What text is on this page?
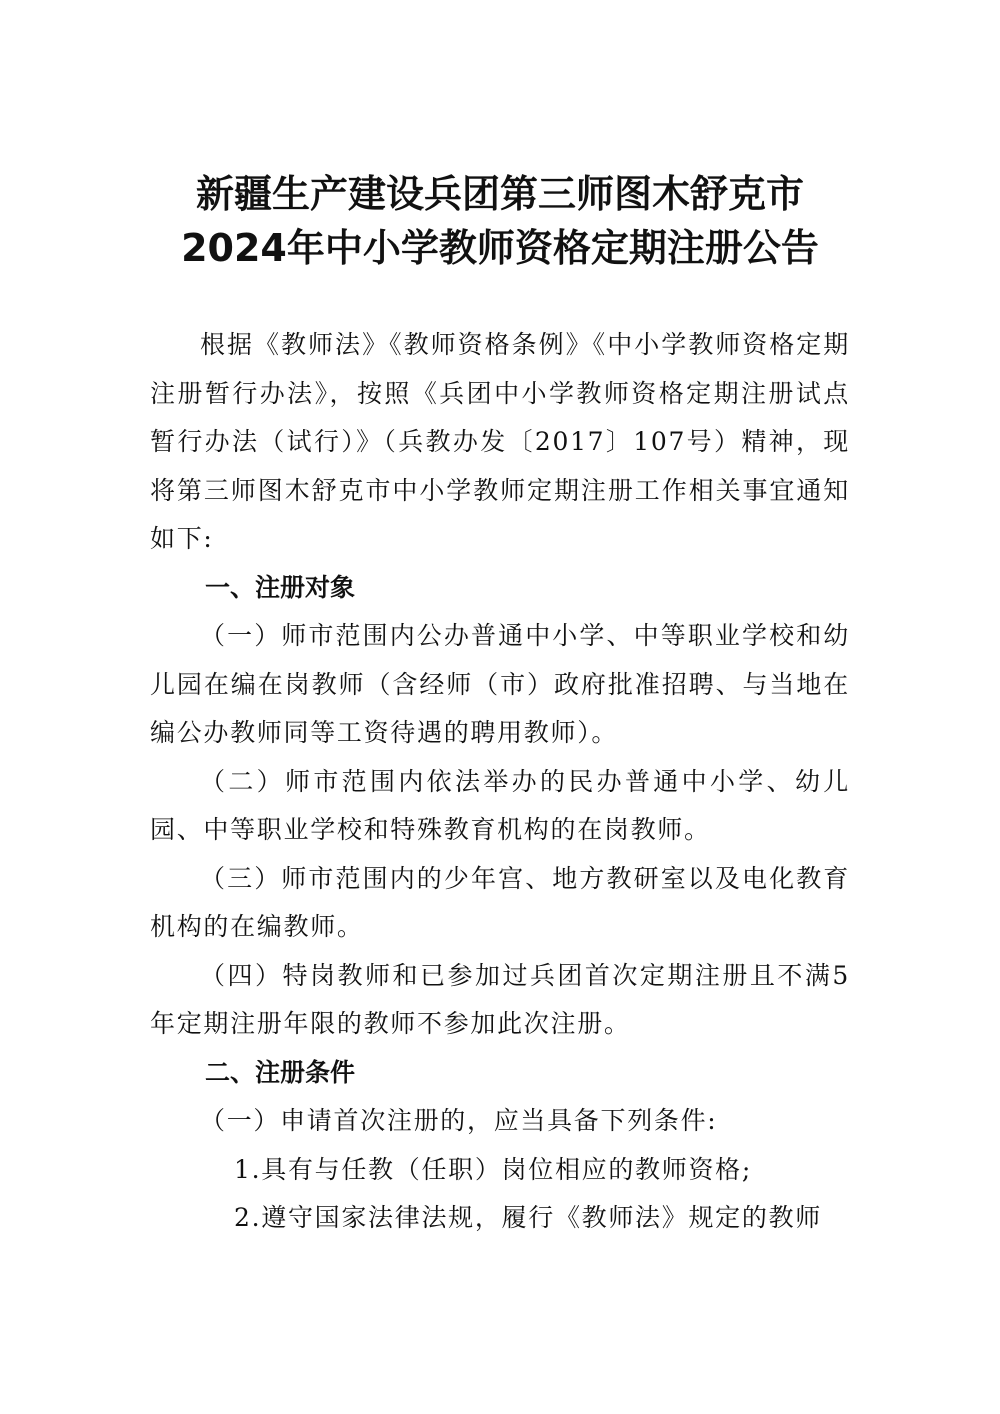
新疆生产建设兵团第三师图木舒克市
2024年中小学教师资格定期注册公告

根据《教师法》《教师资格条例》《中小学教师资格定期注册暂行办法》，按照《兵团中小学教师资格定期注册试点暂行办法（试行）》（兵教办发〔2017〕107号）精神，现将第三师图木舒克市中小学教师定期注册工作相关事宜通知如下:

一、注册对象

（一）师市范围内公办普通中小学、中等职业学校和幼儿园在编在岗教师（含经师（市）政府批准招聘、与当地在编公办教师同等工资待遇的聘用教师）。

（二）师市范围内依法举办的民办普通中小学、幼儿园、中等职业学校和特殊教育机构的在岗教师。

（三）师市范围内的少年宫、地方教研室以及电化教育机构的在编教师。

（四）特岗教师和已参加过兵团首次定期注册且不满5年定期注册年限的教师不参加此次注册。

二、注册条件

（一）申请首次注册的，应当具备下列条件:

1.具有与任教（任职）岗位相应的教师资格;
2.遵守国家法律法规，履行《教师法》规定的教师
